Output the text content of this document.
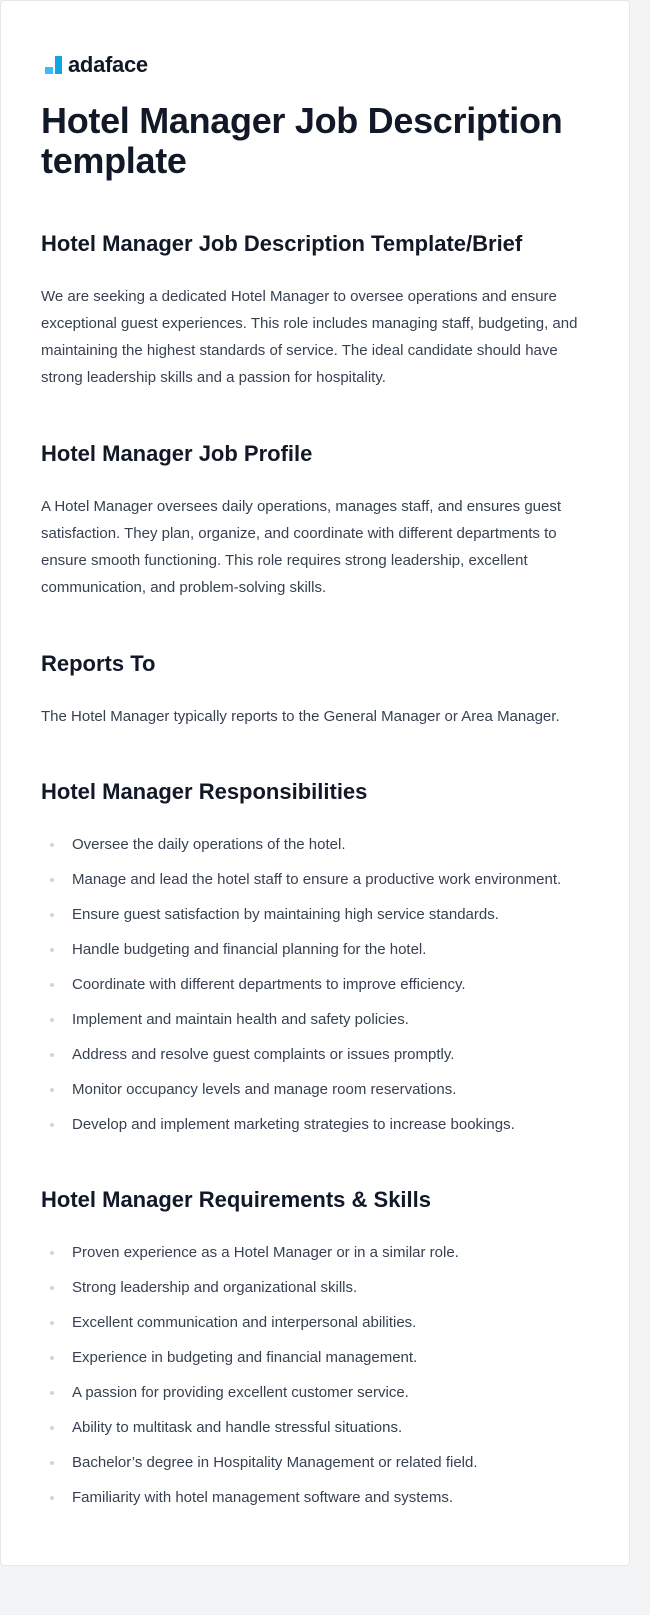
adaface
Hotel Manager Job Description template
Hotel Manager Job Description Template/Brief

We are seeking a dedicated Hotel Manager to oversee operations and ensure exceptional guest experiences. This role includes managing staff, budgeting, and maintaining the highest standards of service. The ideal candidate should have strong leadership skills and a passion for hospitality.

Hotel Manager Job Profile

A Hotel Manager oversees daily operations, manages staff, and ensures guest satisfaction. They plan, organize, and coordinate with different departments to ensure smooth functioning. This role requires strong leadership, excellent communication, and problem-solving skills.

Reports To

The Hotel Manager typically reports to the General Manager or Area Manager.

Hotel Manager Responsibilities
Oversee the daily operations of the hotel.
Manage and lead the hotel staff to ensure a productive work environment.
Ensure guest satisfaction by maintaining high service standards.
Handle budgeting and financial planning for the hotel.
Coordinate with different departments to improve efficiency.
Implement and maintain health and safety policies.
Address and resolve guest complaints or issues promptly.
Monitor occupancy levels and manage room reservations.
Develop and implement marketing strategies to increase bookings.
Hotel Manager Requirements & Skills
Proven experience as a Hotel Manager or in a similar role.
Strong leadership and organizational skills.
Excellent communication and interpersonal abilities.
Experience in budgeting and financial management.
A passion for providing excellent customer service.
Ability to multitask and handle stressful situations.
Bachelor’s degree in Hospitality Management or related field.
Familiarity with hotel management software and systems.
